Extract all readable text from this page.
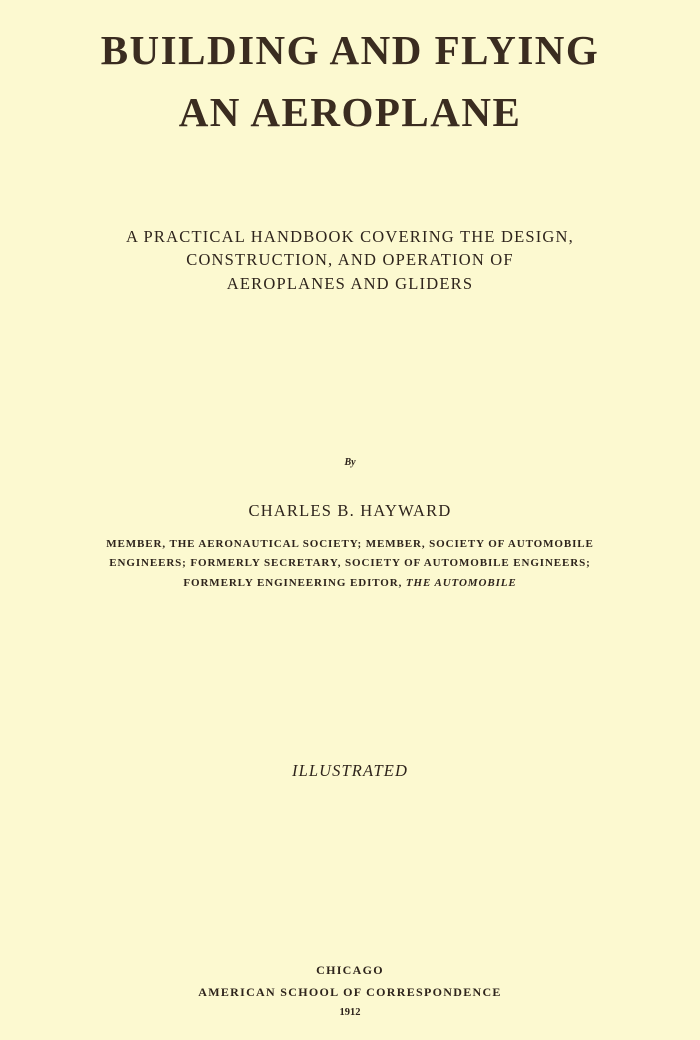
BUILDING AND FLYING
AN AEROPLANE
A PRACTICAL HANDBOOK COVERING THE DESIGN,
CONSTRUCTION, AND OPERATION OF
AEROPLANES AND GLIDERS
By
CHARLES B. HAYWARD
MEMBER, THE AERONAUTICAL SOCIETY; MEMBER, SOCIETY OF AUTOMOBILE
ENGINEERS; FORMERLY SECRETARY, SOCIETY OF AUTOMOBILE ENGINEERS;
FORMERLY ENGINEERING EDITOR, THE AUTOMOBILE
ILLUSTRATED
CHICAGO
AMERICAN SCHOOL OF CORRESPONDENCE
1912
